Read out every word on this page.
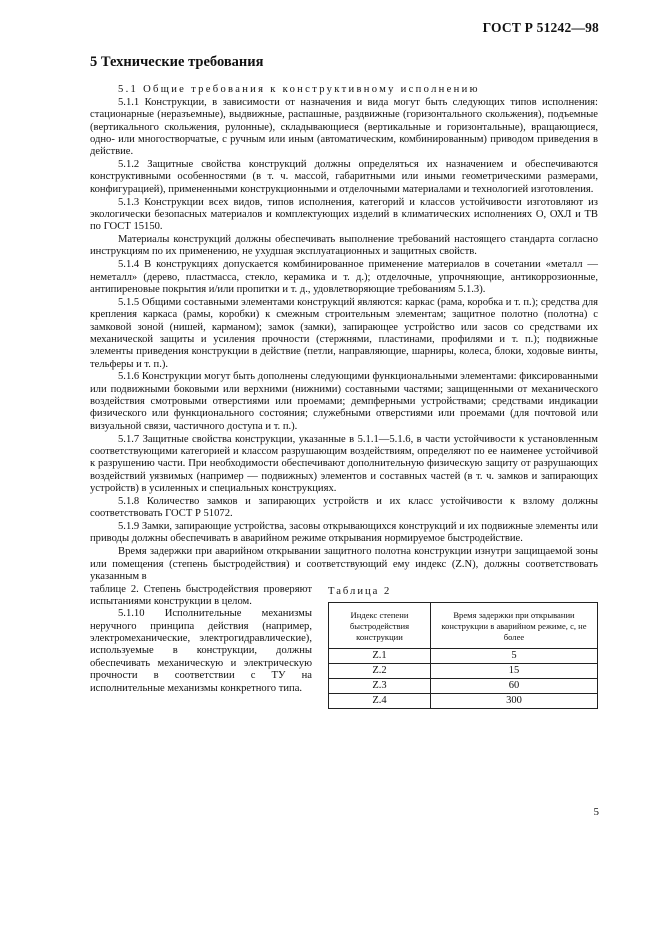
ГОСТ Р 51242—98
5 Технические требования

5.1 Общие требования к конструктивному исполнению

5.1.1 Конструкции, в зависимости от назначения и вида могут быть следующих типов исполнения: стационарные (неразъемные), выдвижные, распашные, раздвижные (горизонтального скольжения), подъемные (вертикального скольжения, рулонные), складывающиеся (вертикальные и горизонтальные), вращающиеся, одно- или многостворчатые, с ручным или иным (автоматическим, комбинированным) приводом приведения в действие.

5.1.2 Защитные свойства конструкций должны определяться их назначением и обеспечиваются конструктивными особенностями (в т. ч. массой, габаритными или иными геометрическими размерами, конфигурацией), примененными конструкционными и отделочными материалами и технологией изготовления.

5.1.3 Конструкции всех видов, типов исполнения, категорий и классов устойчивости изготовляют из экологически безопасных материалов и комплектующих изделий в климатических исполнениях О, ОХЛ и ТВ по ГОСТ 15150.

Материалы конструкций должны обеспечивать выполнение требований настоящего стандарта согласно инструкциям по их применению, не ухудшая эксплуатационных и защитных свойств.

5.1.4 В конструкциях допускается комбинированное применение материалов в сочетании «металл — неметалл» (дерево, пластмасса, стекло, керамика и т. д.); отделочные, упрочняющие, антикоррозионные, антипиреновые покрытия и/или пропитки и т. д., удовлетворяющие требованиям 5.1.3).

5.1.5 Общими составными элементами конструкций являются: каркас (рама, коробка и т. п.); средства для крепления каркаса (рамы, коробки) к смежным строительным элементам; защитное полотно (полотна) с замковой зоной (нишей, карманом); замок (замки), запирающее устройство или засов со средствами их механической защиты и усиления прочности (стержнями, пластинами, профилями и т. п.); подвижные элементы приведения конструкции в действие (петли, направляющие, шарниры, колеса, блоки, ходовые винты, тельферы и т. п.).

5.1.6 Конструкции могут быть дополнены следующими функциональными элементами: фиксированными или подвижными боковыми или верхними (нижними) составными частями; защищенными от механического воздействия смотровыми отверстиями или проемами; демпферными устройствами; средствами индикации физического или функционального состояния; служебными отверстиями или проемами (для почтовой или визуальной связи, частичного доступа и т. п.).

5.1.7 Защитные свойства конструкции, указанные в 5.1.1—5.1.6, в части устойчивости к установленным соответствующими категорией и классом разрушающим воздействиям, определяют по ее наименее устойчивой к разрушению части. При необходимости обеспечивают дополнительную физическую защиту от разрушающих воздействий уязвимых (например — подвижных) элементов и составных частей (в т. ч. замков и запирающих устройств) в усиленных и специальных конструкциях.

5.1.8 Количество замков и запирающих устройств и их класс устойчивости к взлому должны соответствовать ГОСТ Р 51072.

5.1.9 Замки, запирающие устройства, засовы открывающихся конструкций и их подвижные элементы или приводы должны обеспечивать в аварийном режиме открывания нормируемое быстродействие.

Время задержки при аварийном открывании защитного полотна конструкции изнутри защищаемой зоны или помещения (степень быстродействия) и соответствующий ему индекс (Z.N), должны соответствовать указанным в

таблице 2. Степень быстродействия проверяют испытаниями конструкции в целом.

5.1.10 Исполнительные механизмы неручного принципа действия (например, электромеханические, электрогидравлические), используемые в конструкции, должны обеспечивать механическую и электрическую прочности в соответствии с ТУ на исполнительные механизмы конкретного типа.

Таблица 2
Индекс степени быстродействия конструкции	Время задержки при открывании конструкции в аварийном режиме, с, не более
Z.1	5
Z.2	15
Z.3	60
Z.4	300
5
